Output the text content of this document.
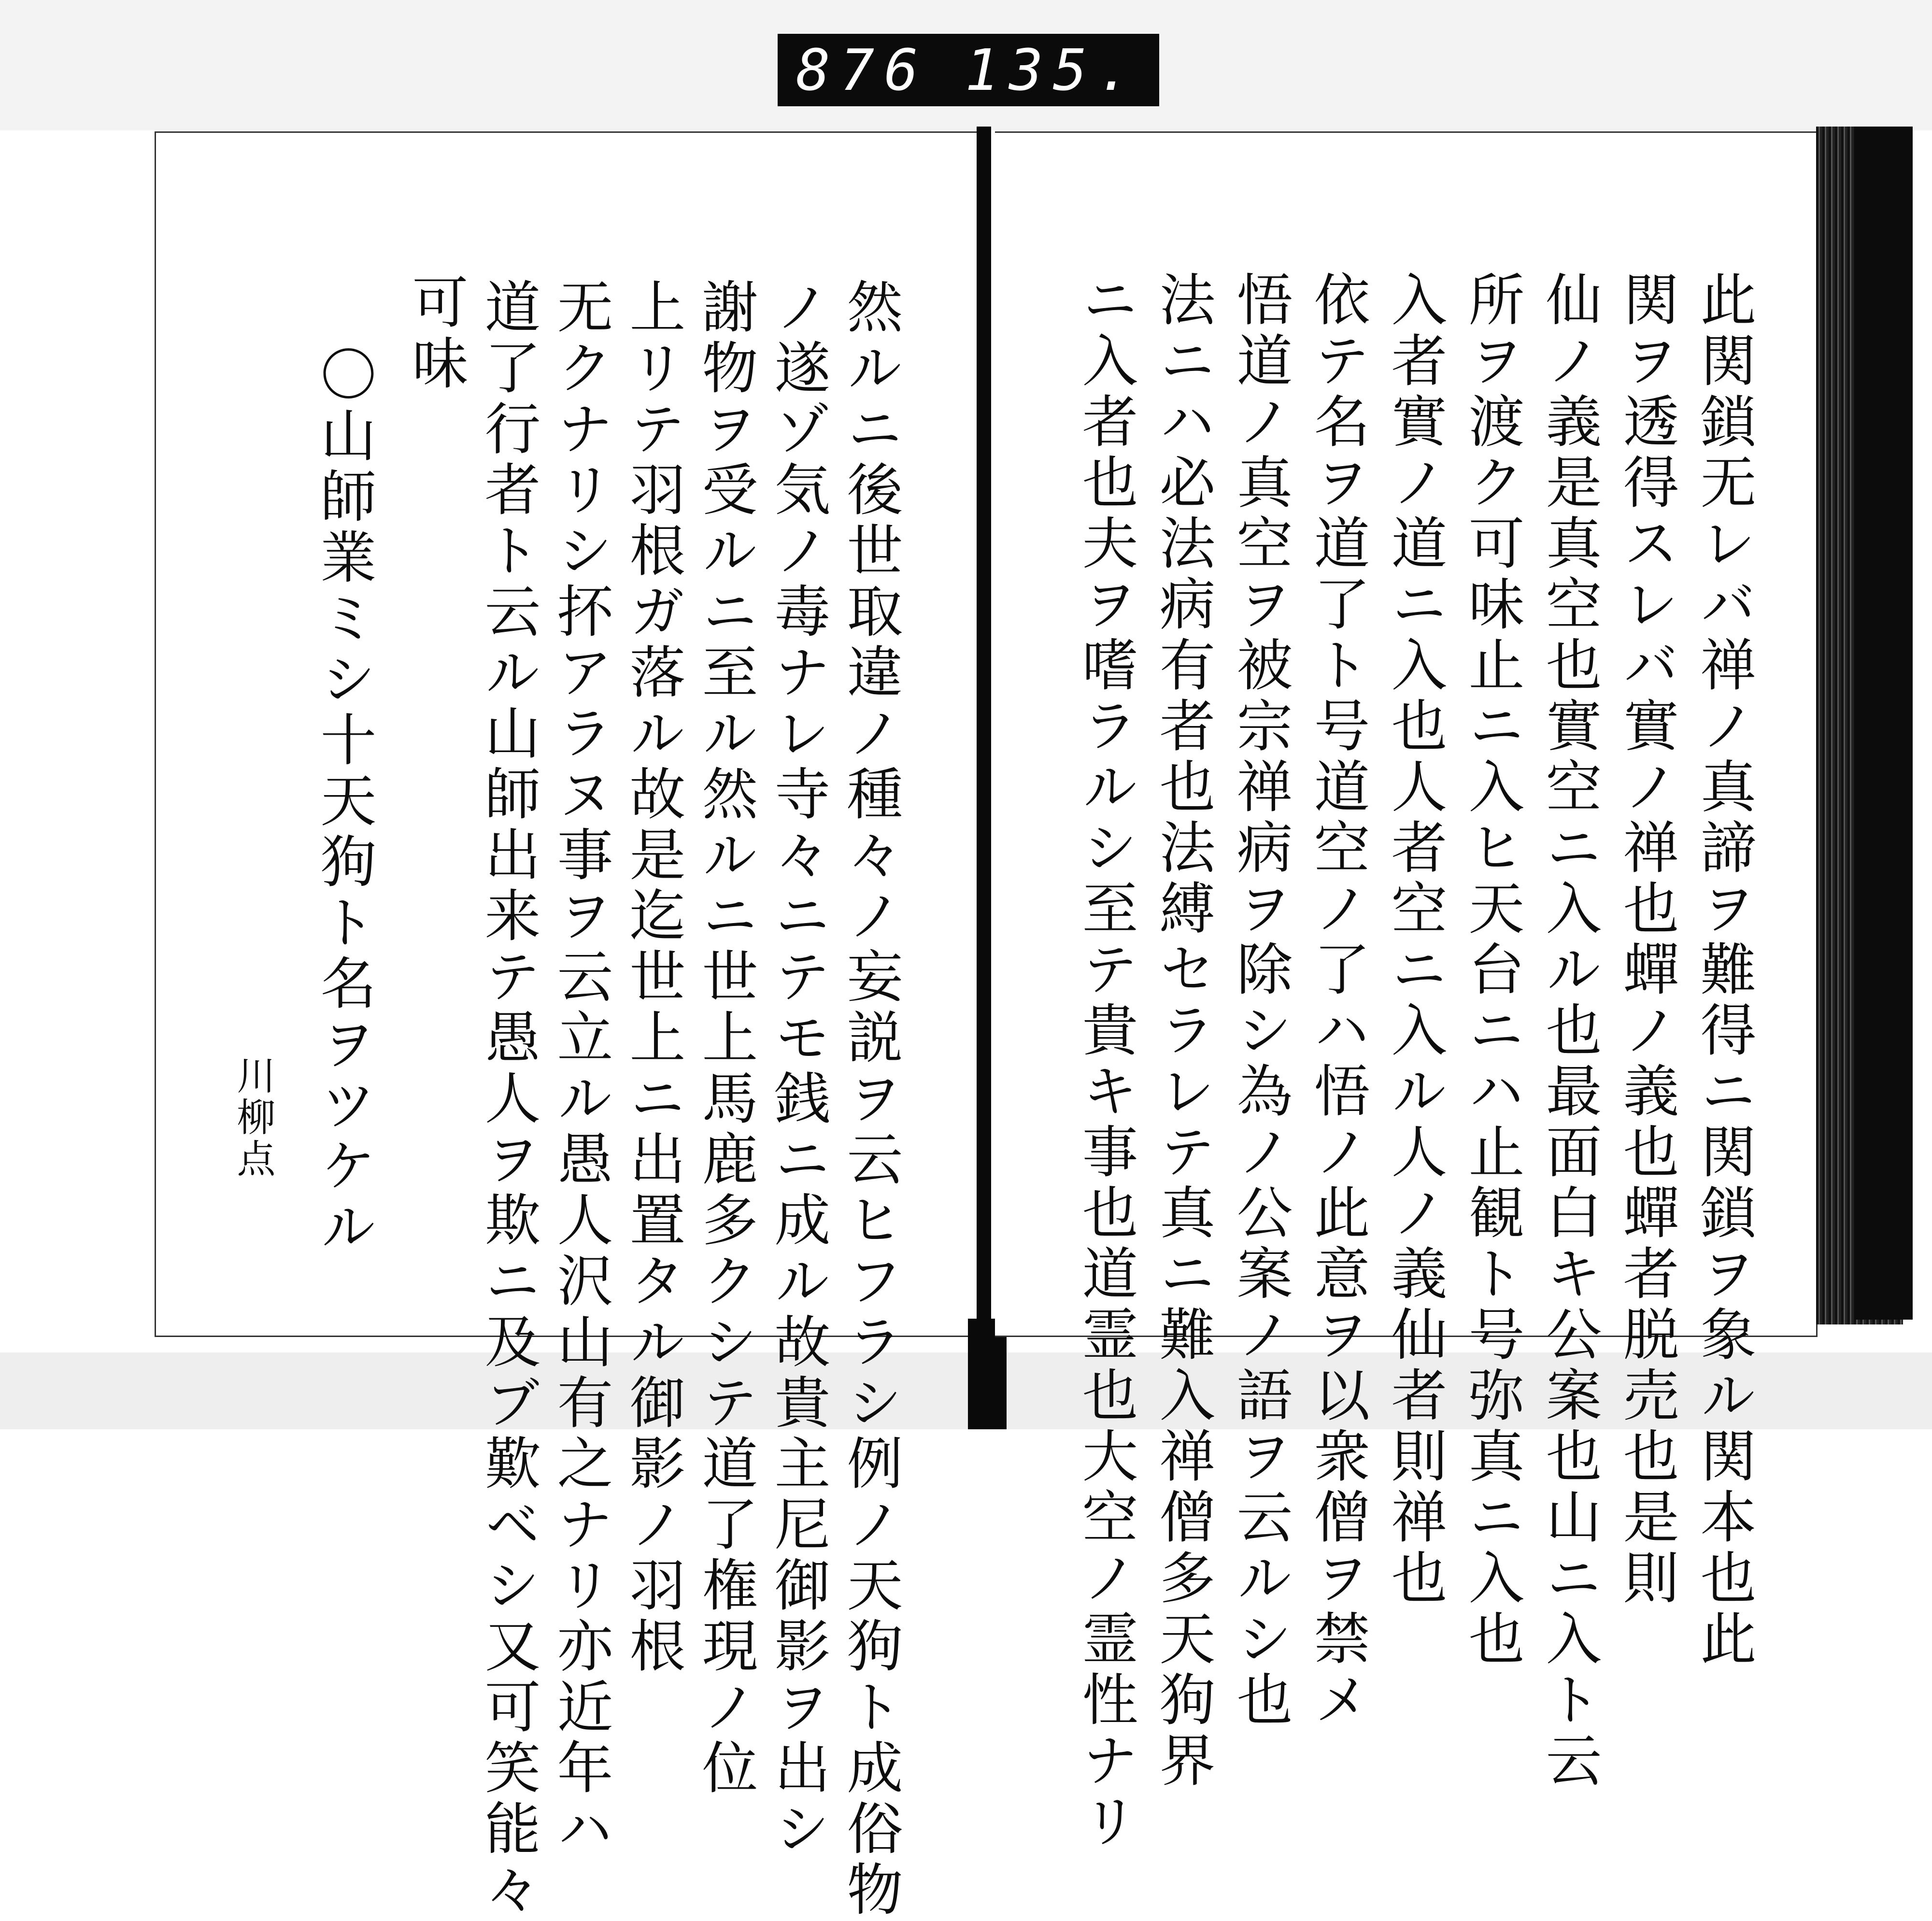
876 135.
然ルニ後世取違ノ種々ノ妄説ヲ云ヒフラシ例ノ天狗ト成俗物
ノ遂ゾ気ノ毒ナレ寺々ニテモ銭ニ成ル故貴主尼御影ヲ出シ
謝物ヲ受ルニ至ル然ルニ世上馬鹿多クシテ道了権現ノ位
上リテ羽根ガ落ル故是迄世上ニ出置タル御影ノ羽根
无クナリシ抔アラヌ事ヲ云立ル愚人沢山有之ナリ亦近年ハ
道了行者ト云ル山師出来テ愚人ヲ欺ニ及ブ歎ベシ又可笑能々
可味
〇山師業ミシ十天狗ト名ヲツケル
川柳点	此関鎖无レバ禅ノ真諦ヲ難得ニ関鎖ヲ象ル関本也此
関ヲ透得スレバ實ノ禅也蟬ノ義也蟬者脱売也是則
仙ノ義是真空也實空ニ入ル也最面白キ公案也山ニ入ト云
所ヲ渡ク可味止ニ入ヒ天台ニハ止観ト号弥真ニ入也
入者實ノ道ニ入也人者空ニ入ル人ノ義仙者則禅也
依テ名ヲ道了ト号道空ノ了ハ悟ノ此意ヲ以衆僧ヲ禁メ
悟道ノ真空ヲ被宗禅病ヲ除シ為ノ公案ノ語ヲ云ルシ也
法ニハ必法病有者也法縛セラレテ真ニ難入禅僧多天狗界
ニ入者也夫ヲ嗜ラルシ至テ貴キ事也道霊也大空ノ霊性ナリ
